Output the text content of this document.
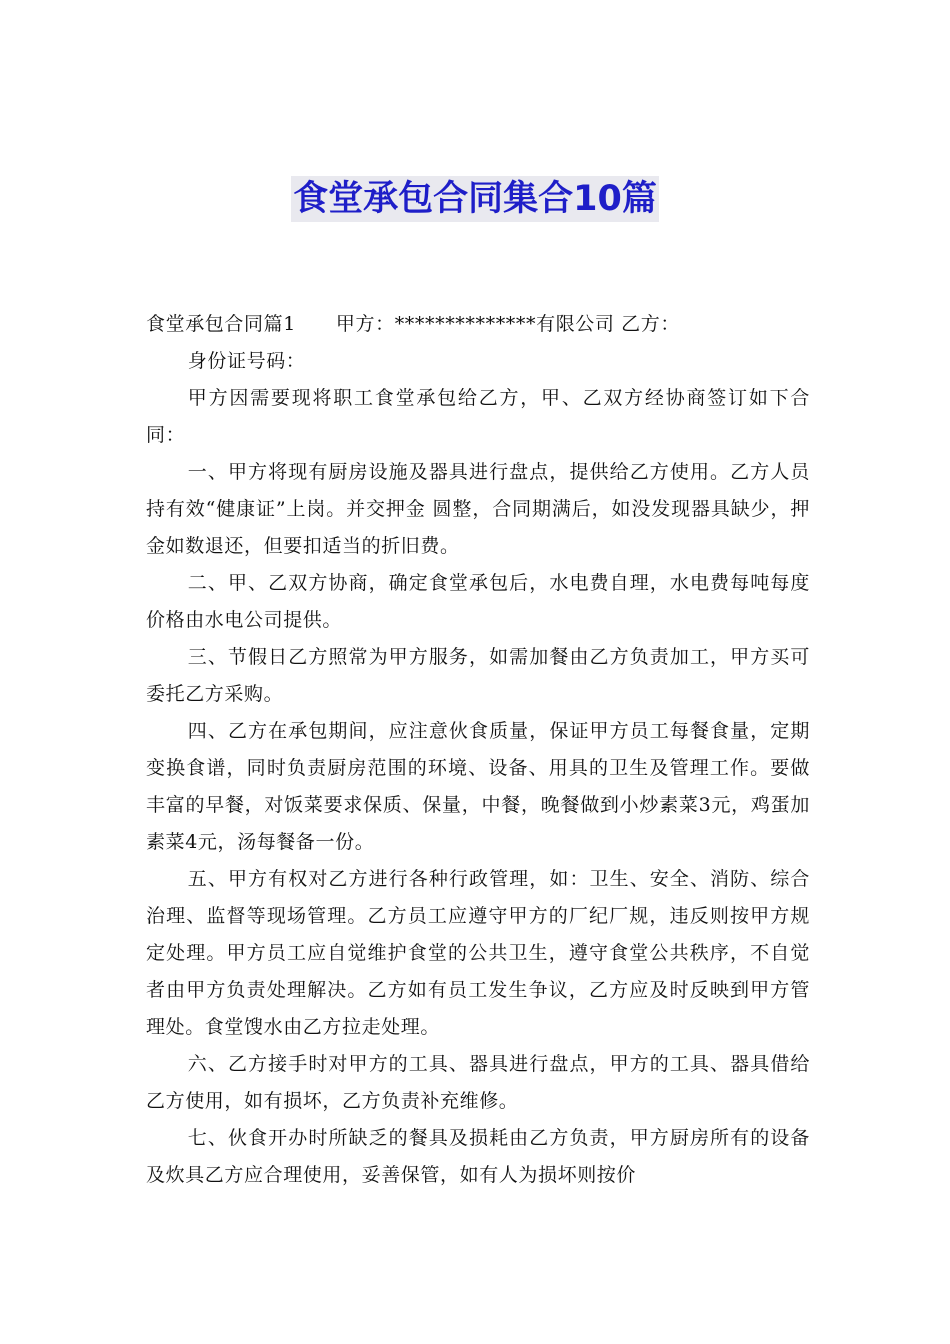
食堂承包合同集合10篇

食堂承包合同篇1 甲方：**************有限公司 乙方：

身份证号码：

甲方因需要现将职工食堂承包给乙方，甲、乙双方经协商签订如下合同：

一、甲方将现有厨房设施及器具进行盘点，提供给乙方使用。乙方人员持有效“健康证”上岗。并交押金 圆整，合同期满后，如没发现器具缺少，押金如数退还，但要扣适当的折旧费。

二、甲、乙双方协商，确定食堂承包后，水电费自理，水电费每吨每度价格由水电公司提供。

三、节假日乙方照常为甲方服务，如需加餐由乙方负责加工，甲方买可委托乙方采购。

四、乙方在承包期间，应注意伙食质量，保证甲方员工每餐食量，定期变换食谱，同时负责厨房范围的环境、设备、用具的卫生及管理工作。要做丰富的早餐，对饭菜要求保质、保量，中餐，晚餐做到小炒素菜3元，鸡蛋加素菜4元，汤每餐备一份。

五、甲方有权对乙方进行各种行政管理，如：卫生、安全、消防、综合治理、监督等现场管理。乙方员工应遵守甲方的厂纪厂规，违反则按甲方规定处理。甲方员工应自觉维护食堂的公共卫生，遵守食堂公共秩序，不自觉者由甲方负责处理解决。乙方如有员工发生争议，乙方应及时反映到甲方管理处。食堂馊水由乙方拉走处理。

六、乙方接手时对甲方的工具、器具进行盘点，甲方的工具、器具借给乙方使用，如有损坏，乙方负责补充维修。

七、伙食开办时所缺乏的餐具及损耗由乙方负责，甲方厨房所有的设备及炊具乙方应合理使用，妥善保管，如有人为损坏则按价
